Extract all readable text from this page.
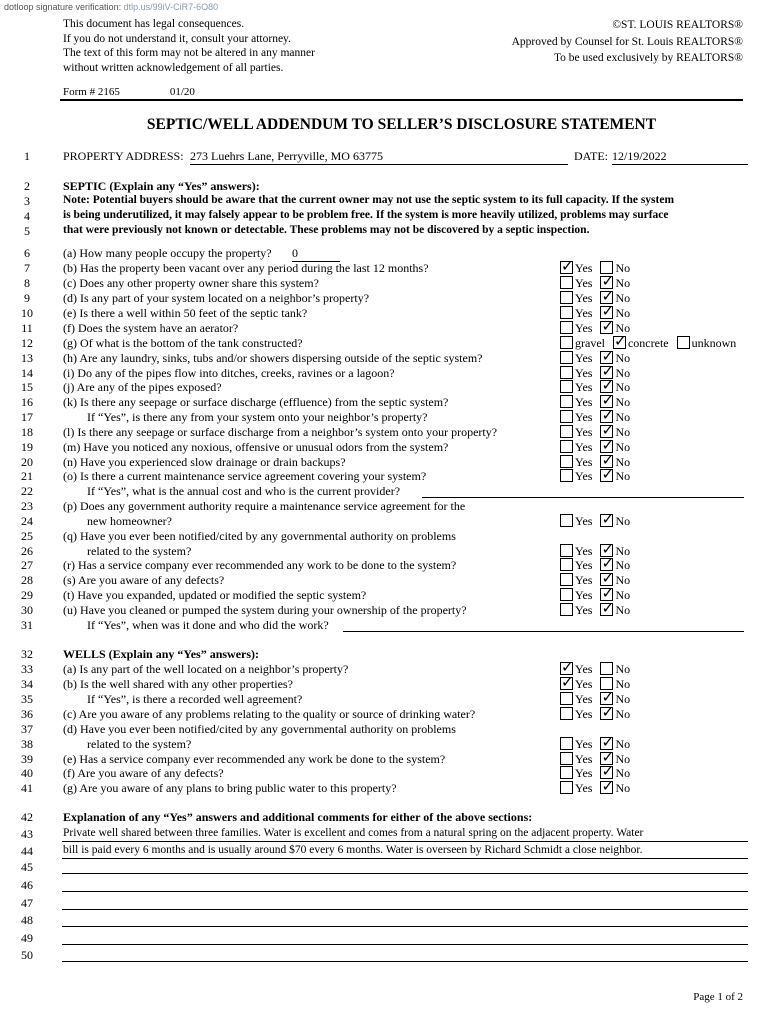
dotloop signature verification: dtlp.us/99iV-CiR7-6O80
This document has legal consequences.
If you do not understand it, consult your attorney.
The text of this form may not be altered in any manner
without written acknowledgement of all parties.
©ST. LOUIS REALTORS®
Approved by Counsel for St. Louis REALTORS®
To be used exclusively by REALTORS®
Form # 2165	01/20
SEPTIC/WELL ADDENDUM TO SELLER’S DISCLOSURE STATEMENT
1	PROPERTY ADDRESS: 273 Luehrs Lane, Perryville, MO 63775	DATE: 12/19/2022
2	SEPTIC (Explain any “Yes” answers):
3	Note: Potential buyers should be aware that the current owner may not use the septic system to its full capacity. If the system
4	is being underutilized, it may falsely appear to be problem free. If the system is more heavily utilized, problems may surface
5	that were previously not known or detectable. These problems may not be discovered by a septic inspection.
6	(a) How many people occupy the property? 0
7	(b) Has the property been vacant over any period during the last 12 months? ✓	Yes No
8	(c) Does any other property owner share this system?	Yes ✓ No
9	(d) Is any part of your system located on a neighbor’s property?	Yes ✓ No
10	(e) Is there a well within 50 feet of the septic tank?	Yes ✓ No
11	(f) Does the system have an aerator?	Yes ✓ No
13	(h) Are any laundry, sinks, tubs and/or showers dispersing outside of the septic system?	Yes ✓ No
14	(i) Do any of the pipes flow into ditches, creeks, ravines or a lagoon?	Yes ✓ No
15	(j) Are any of the pipes exposed?	Yes ✓ No
16	(k) Is there any seepage or surface discharge (effluence) from the septic system?	Yes ✓ No
17	If “Yes”, is there any from your system onto your neighbor’s property?	Yes ✓ No
18	(l) Is there any seepage or surface discharge from a neighbor’s system onto your property?	Yes ✓ No
19	(m) Have you noticed any noxious, offensive or unusual odors from the system?	Yes ✓ No
20	(n) Have you experienced slow drainage or drain backups?	Yes ✓ No
21	(o) Is there a current maintenance service agreement covering your system?	Yes ✓ No
12	(g) Of what is the bottom of the tank constructed?	gravel ✓ concrete unknown
22	If “Yes”, what is the annual cost and who is the current provider?
23	(p) Does any government authority require a maintenance service agreement for the
24	new homeowner?	Yes ✓ No
25	(q) Have you ever been notified/cited by any governmental authority on problems
26	related to the system?	Yes ✓ No
27	(r) Has a service company ever recommended any work to be done to the system?	Yes ✓ No
28	(s) Are you aware of any defects?	Yes ✓ No
29	(t) Have you expanded, updated or modified the septic system?	Yes ✓ No
30	(u) Have you cleaned or pumped the system during your ownership of the property?	Yes ✓ No
31	If “Yes”, when was it done and who did the work?
32	WELLS (Explain any “Yes” answers):
33	(a) Is any part of the well located on a neighbor’s property? ✓	Yes No
34	(b) Is the well shared with any other properties? ✓	Yes No
35	If “Yes”, is there a recorded well agreement?	Yes ✓ No
36	(c) Are you aware of any problems relating to the quality or source of drinking water?	Yes ✓ No
37	(d) Have you ever been notified/cited by any governmental authority on problems
38	related to the system?	Yes ✓ No
39	(e) Has a service company ever recommended any work be done to the system?	Yes ✓ No
40	(f) Are you aware of any defects?	Yes ✓ No
41	(g) Are you aware of any plans to bring public water to this property?	Yes ✓ No
42	Explanation of any “Yes” answers and additional comments for either of the above sections:
43	Private well shared between three families. Water is excellent and comes from a natural spring on the adjacent property. Water
44	bill is paid every 6 months and is usually around $70 every 6 months. Water is overseen by Richard Schmidt a close neighbor.
45
46
47
48
49
50
Page 1 of 2
